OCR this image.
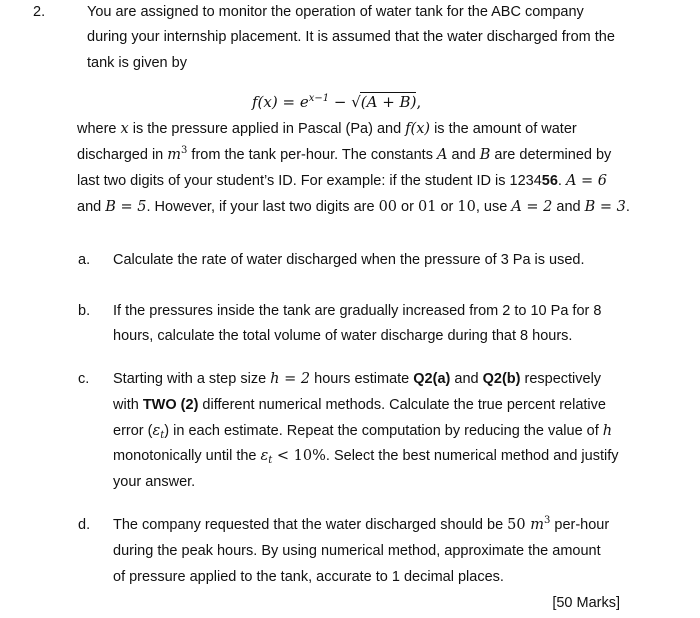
2.	You are assigned to monitor the operation of water tank for the ABC company
during your internship placement. It is assumed that the water discharged from the
tank is given by
$f(x) = e^{x-1} - √(A + B)$,
where x is the pressure applied in Pascal (Pa) and f(x) is the amount of water
discharged in $m^3$ from the tank per-hour. The constants A and B are determined by
last two digits of your student’s ID. For example: if the student ID is 123456. A = 6
and B = 5. However, if your last two digits are 00 or 01 or 10, use A = 2 and B = 3.
a. Calculate the rate of water discharged when the pressure of 3 Pa is used.
b. If the pressures inside the tank are gradually increased from 2 to 10 Pa for 8
hours, calculate the total volume of water discharge during that 8 hours.
c. Starting with a step size h = 2 hours estimate Q2(a) and Q2(b) respectively
with TWO (2) different numerical methods. Calculate the true percent relative
error $(\varepsilon_t)$ in each estimate. Repeat the computation by reducing the value of h
monotonically until the $\varepsilon_t < 10\%$. Select the best numerical method and justify
your answer.
d. The company requested that the water discharged should be 50 $m^3$ per-hour
during the peak hours. By using numerical method, approximate the amount
of pressure applied to the tank, accurate to 1 decimal places.
[50 Marks]
